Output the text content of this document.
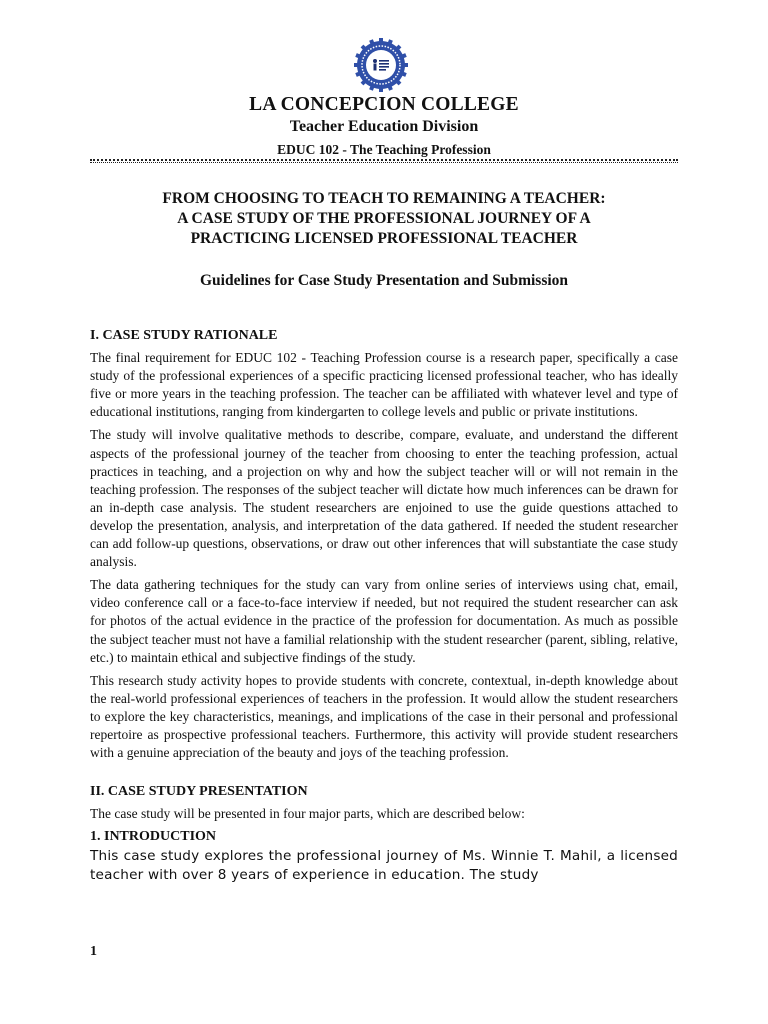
LA CONCEPCION COLLEGE
Teacher Education Division
EDUC 102 - The Teaching Profession
FROM CHOOSING TO TEACH TO REMAINING A TEACHER:
A CASE STUDY OF THE PROFESSIONAL JOURNEY OF A
PRACTICING LICENSED PROFESSIONAL TEACHER
Guidelines for Case Study Presentation and Submission
I. CASE STUDY RATIONALE

The final requirement for EDUC 102 - Teaching Profession course is a research paper, specifically a case study of the professional experiences of a specific practicing licensed professional teacher, who has ideally five or more years in the teaching profession. The teacher can be affiliated with whatever level and type of educational institutions, ranging from kindergarten to college levels and public or private institutions.

The study will involve qualitative methods to describe, compare, evaluate, and understand the different aspects of the professional journey of the teacher from choosing to enter the teaching profession, actual practices in teaching, and a projection on why and how the subject teacher will or will not remain in the teaching profession. The responses of the subject teacher will dictate how much inferences can be drawn for an in-depth case analysis. The student researchers are enjoined to use the guide questions attached to develop the presentation, analysis, and interpretation of the data gathered. If needed the student researcher can add follow-up questions, observations, or draw out other inferences that will substantiate the case study analysis.

The data gathering techniques for the study can vary from online series of interviews using chat, email, video conference call or a face-to-face interview if needed, but not required the student researcher can ask for photos of the actual evidence in the practice of the profession for documentation. As much as possible the subject teacher must not have a familial relationship with the student researcher (parent, sibling, relative, etc.) to maintain ethical and subjective findings of the study.

This research study activity hopes to provide students with concrete, contextual, in-depth knowledge about the real-world professional experiences of teachers in the profession. It would allow the student researchers to explore the key characteristics, meanings, and implications of the case in their personal and professional repertoire as prospective professional teachers. Furthermore, this activity will provide student researchers with a genuine appreciation of the beauty and joys of the teaching profession.

II. CASE STUDY PRESENTATION

The case study will be presented in four major parts, which are described below:

1. INTRODUCTION
This case study explores the professional journey of Ms. Winnie T. Mahil, a licensed teacher with over 8 years of experience in education. The study
1
